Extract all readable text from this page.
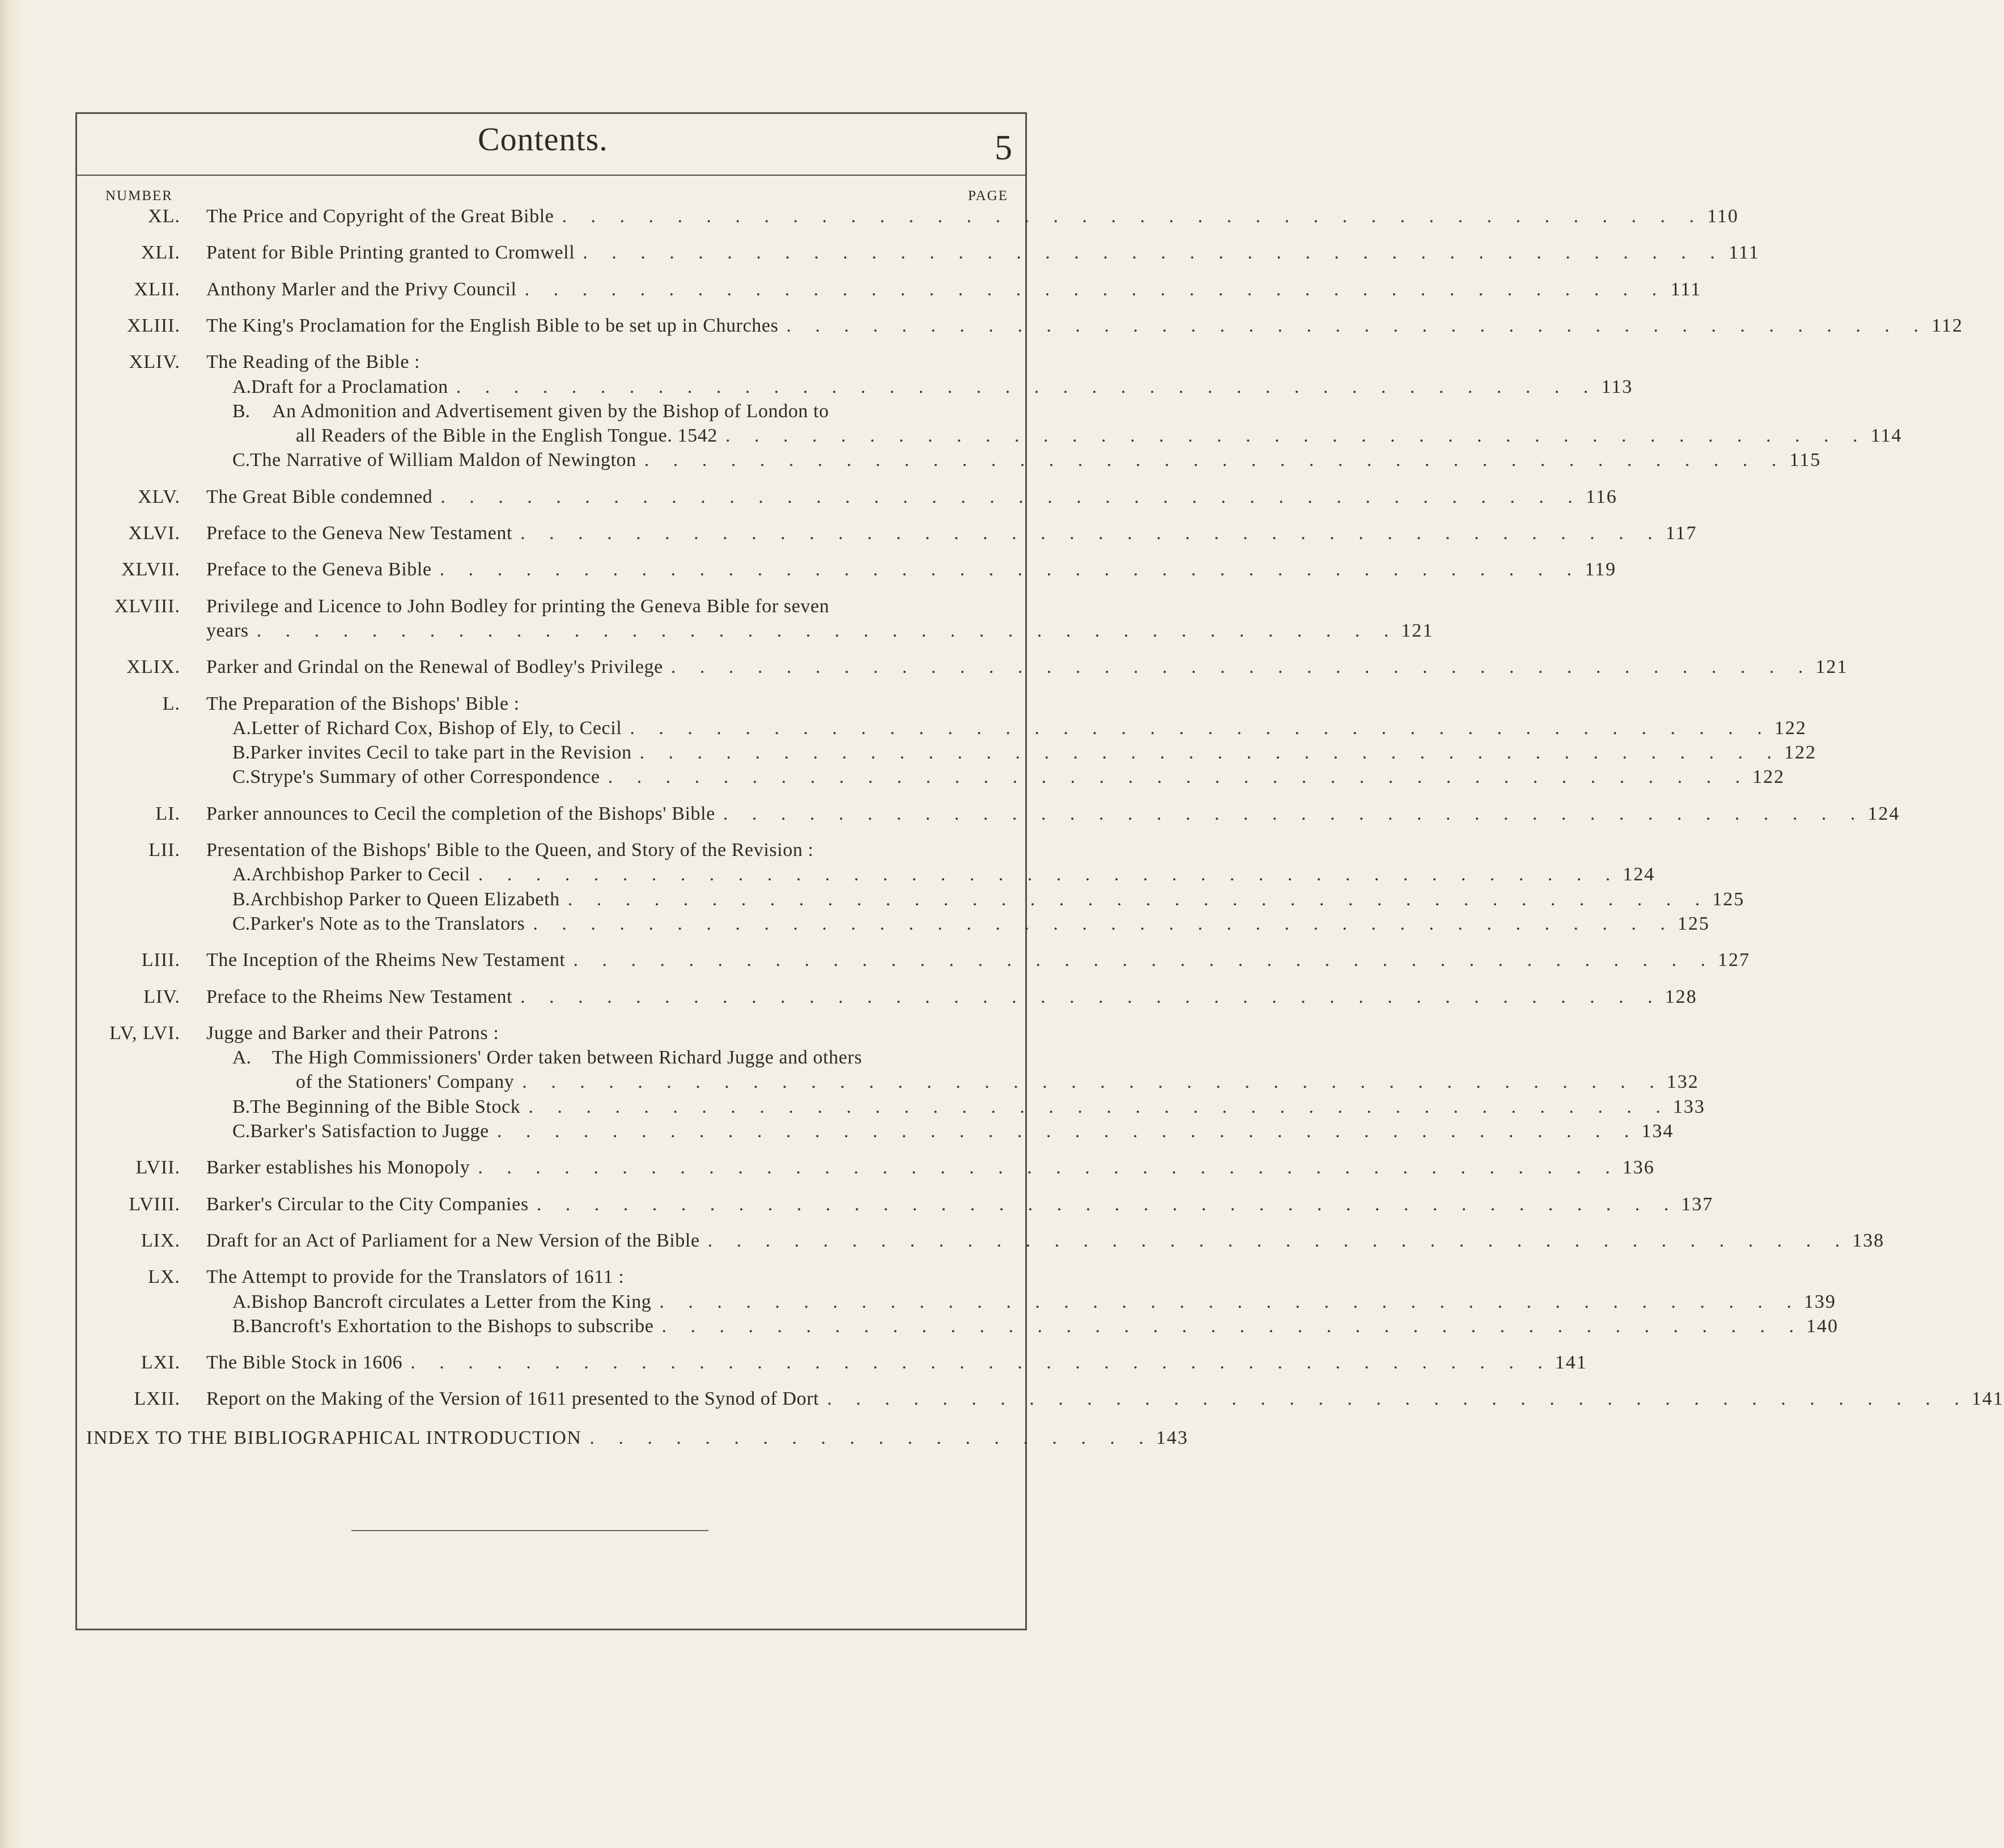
Contents.	5
NUMBER	PAGE
XL. The Price and Copyright of the Great Bible . . . . . . . . . . . . . . . . . . . . . . . . . . . . . . . . . . . . . . . . 110
XLI. Patent for Bible Printing granted to Cromwell . . . . . . . . . . . . . . . . . . . . . . . . . . . . . . . . . . . . . . . . 111
XLII. Anthony Marler and the Privy Council . . . . . . . . . . . . . . . . . . . . . . . . . . . . . . . . . . . . . . . . 111
XLIII. The King's Proclamation for the English Bible to be set up in Churches . . . . . . . . . . . . . . . . . . . . . . . . . . . . . . . . . . . . . . . . 112
XLIV. The Reading of the Bible :
A. Draft for a Proclamation . . . . . . . . . . . . . . . . . . . . . . . . . . . . . . . . . . . . . . . . 113
B.	An Admonition and Advertisement given by the Bishop of London to
all Readers of the Bible in the English Tongue. 1542 . . . . . . . . . . . . . . . . . . . . . . . . . . . . . . . . . . . . . . . . 114
C. The Narrative of William Maldon of Newington . . . . . . . . . . . . . . . . . . . . . . . . . . . . . . . . . . . . . . . . 115
XLV. The Great Bible condemned . . . . . . . . . . . . . . . . . . . . . . . . . . . . . . . . . . . . . . . . 116
XLVI. Preface to the Geneva New Testament . . . . . . . . . . . . . . . . . . . . . . . . . . . . . . . . . . . . . . . . 117
XLVII. Preface to the Geneva Bible . . . . . . . . . . . . . . . . . . . . . . . . . . . . . . . . . . . . . . . . 119
XLVIII. Privilege and Licence to John Bodley for printing the Geneva Bible for seven
years . . . . . . . . . . . . . . . . . . . . . . . . . . . . . . . . . . . . . . . . 121
XLIX. Parker and Grindal on the Renewal of Bodley's Privilege . . . . . . . . . . . . . . . . . . . . . . . . . . . . . . . . . . . . . . . . 121
L. The Preparation of the Bishops' Bible :
A. Letter of Richard Cox, Bishop of Ely, to Cecil . . . . . . . . . . . . . . . . . . . . . . . . . . . . . . . . . . . . . . . . 122
B. Parker invites Cecil to take part in the Revision . . . . . . . . . . . . . . . . . . . . . . . . . . . . . . . . . . . . . . . . 122
C. Strype's Summary of other Correspondence . . . . . . . . . . . . . . . . . . . . . . . . . . . . . . . . . . . . . . . . 122
LI. Parker announces to Cecil the completion of the Bishops' Bible . . . . . . . . . . . . . . . . . . . . . . . . . . . . . . . . . . . . . . . . 124
LII. Presentation of the Bishops' Bible to the Queen, and Story of the Revision :
A. Archbishop Parker to Cecil . . . . . . . . . . . . . . . . . . . . . . . . . . . . . . . . . . . . . . . . 124
B. Archbishop Parker to Queen Elizabeth . . . . . . . . . . . . . . . . . . . . . . . . . . . . . . . . . . . . . . . . 125
C. Parker's Note as to the Translators . . . . . . . . . . . . . . . . . . . . . . . . . . . . . . . . . . . . . . . . 125
LIII. The Inception of the Rheims New Testament . . . . . . . . . . . . . . . . . . . . . . . . . . . . . . . . . . . . . . . . 127
LIV. Preface to the Rheims New Testament . . . . . . . . . . . . . . . . . . . . . . . . . . . . . . . . . . . . . . . . 128
LV, LVI. Jugge and Barker and their Patrons :
A.	The High Commissioners' Order taken between Richard Jugge and others
of the Stationers' Company . . . . . . . . . . . . . . . . . . . . . . . . . . . . . . . . . . . . . . . . 132
B. The Beginning of the Bible Stock . . . . . . . . . . . . . . . . . . . . . . . . . . . . . . . . . . . . . . . . 133
C. Barker's Satisfaction to Jugge . . . . . . . . . . . . . . . . . . . . . . . . . . . . . . . . . . . . . . . . 134
LVII. Barker establishes his Monopoly . . . . . . . . . . . . . . . . . . . . . . . . . . . . . . . . . . . . . . . . 136
LVIII. Barker's Circular to the City Companies . . . . . . . . . . . . . . . . . . . . . . . . . . . . . . . . . . . . . . . . 137
LIX. Draft for an Act of Parliament for a New Version of the Bible . . . . . . . . . . . . . . . . . . . . . . . . . . . . . . . . . . . . . . . . 138
LX. The Attempt to provide for the Translators of 1611 :
A. Bishop Bancroft circulates a Letter from the King . . . . . . . . . . . . . . . . . . . . . . . . . . . . . . . . . . . . . . . . 139
B. Bancroft's Exhortation to the Bishops to subscribe . . . . . . . . . . . . . . . . . . . . . . . . . . . . . . . . . . . . . . . . 140
LXI. The Bible Stock in 1606 . . . . . . . . . . . . . . . . . . . . . . . . . . . . . . . . . . . . . . . . 141
LXII. Report on the Making of the Version of 1611 presented to the Synod of Dort . . . . . . . . . . . . . . . . . . . . . . . . . . . . . . . . . . . . . . . . 141
INDEX TO THE BIBLIOGRAPHICAL INTRODUCTION . . . . . . . . . . . . . . . . . . . . 143
